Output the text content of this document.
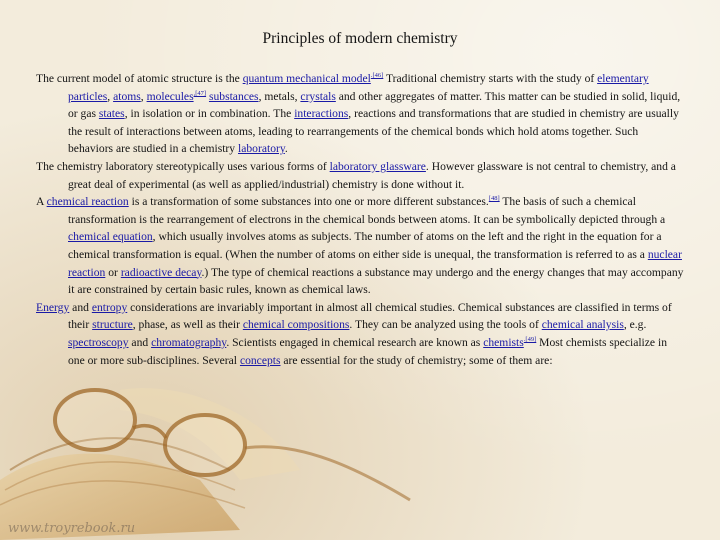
Principles of modern chemistry

The current model of atomic structure is the quantum mechanical model$^{.[46]}$ Traditional chemistry starts with the study of elementary particles, atoms, molecules$^{,[47]}$ substances, metals, crystals and other aggregates of matter. This matter can be studied in solid, liquid, or gas states, in isolation or in combination. The interactions, reactions and transformations that are studied in chemistry are usually the result of interactions between atoms, leading to rearrangements of the chemical bonds which hold atoms together. Such behaviors are studied in a chemistry laboratory.

The chemistry laboratory stereotypically uses various forms of laboratory glassware. However glassware is not central to chemistry, and a great deal of experimental (as well as applied/industrial) chemistry is done without it.

A chemical reaction is a transformation of some substances into one or more different substances.[48] The basis of such a chemical transformation is the rearrangement of electrons in the chemical bonds between atoms. It can be symbolically depicted through a chemical equation, which usually involves atoms as subjects. The number of atoms on the left and the right in the equation for a chemical transformation is equal. (When the number of atoms on either side is unequal, the transformation is referred to as a nuclear reaction or radioactive decay.) The type of chemical reactions a substance may undergo and the energy changes that may accompany it are constrained by certain basic rules, known as chemical laws.

Energy and entropy considerations are invariably important in almost all chemical studies. Chemical substances are classified in terms of their structure, phase, as well as their chemical compositions. They can be analyzed using the tools of chemical analysis, e.g. spectroscopy and chromatography. Scientists engaged in chemical research are known as chemists$^{.[49]}$ Most chemists specialize in one or more sub-disciplines. Several concepts are essential for the study of chemistry; some of them are:

www.troyrebook.ru
